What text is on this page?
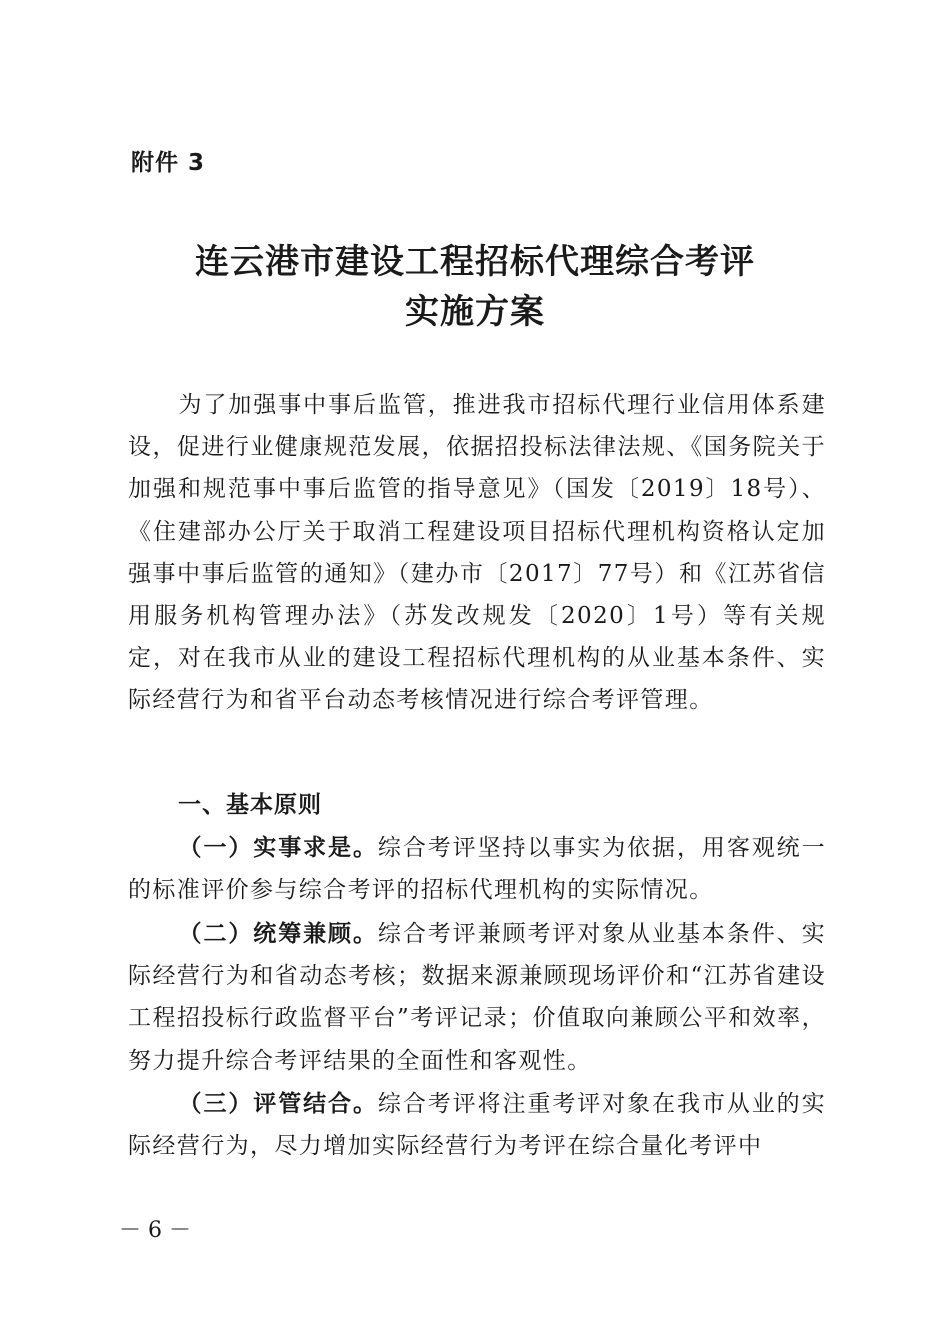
附件 3

连云港市建设工程招标代理综合考评
实施方案

为了加强事中事后监管，推进我市招标代理行业信用体系建设，促进行业健康规范发展，依据招投标法律法规、《国务院关于加强和规范事中事后监管的指导意见》（国发〔2019〕18号）、《住建部办公厅关于取消工程建设项目招标代理机构资格认定加强事中事后监管的通知》（建办市〔2017〕77号）和《江苏省信用服务机构管理办法》（苏发改规发〔2020〕1号）等有关规定，对在我市从业的建设工程招标代理机构的从业基本条件、实际经营行为和省平台动态考核情况进行综合考评管理。

一、基本原则

（一）实事求是。综合考评坚持以事实为依据，用客观统一的标准评价参与综合考评的招标代理机构的实际情况。

（二）统筹兼顾。综合考评兼顾考评对象从业基本条件、实际经营行为和省动态考核；数据来源兼顾现场评价和“江苏省建设工程招投标行政监督平台”考评记录；价值取向兼顾公平和效率，努力提升综合考评结果的全面性和客观性。

（三）评管结合。综合考评将注重考评对象在我市从业的实际经营行为，尽力增加实际经营行为考评在综合量化考评中

－ 6 －
